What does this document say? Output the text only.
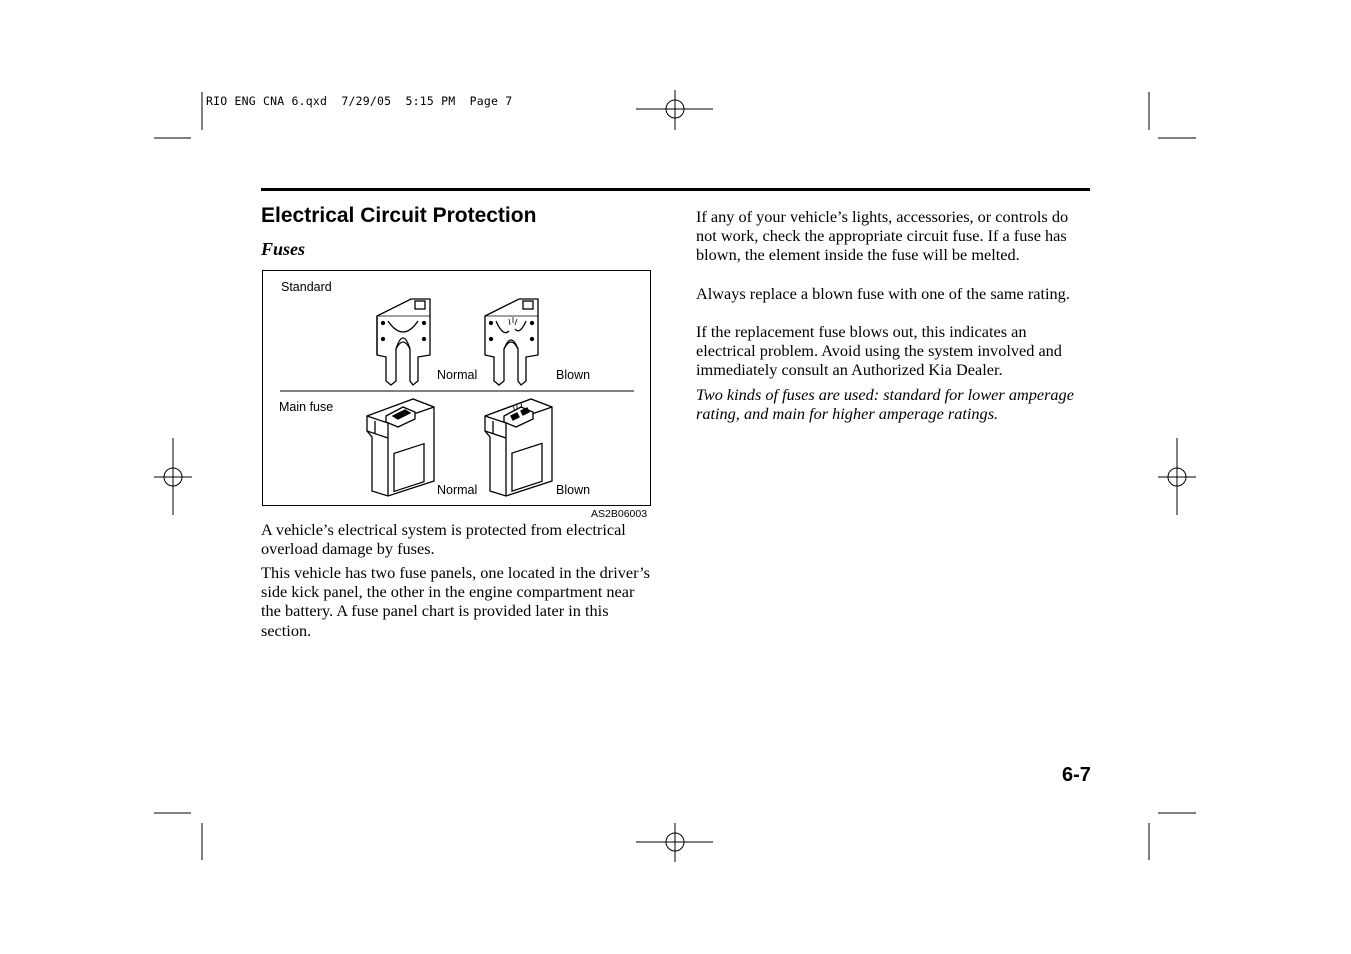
RIO ENG CNA 6.qxd  7/29/05  5:15 PM  Page 7
Electrical Circuit Protection
Fuses
Standard
Normal	Blown
Main fuse
Normal	Blown
AS2B06003

A vehicle’s electrical system is protected from electrical overload damage by fuses.

This vehicle has two fuse panels, one located in the driver’s side kick panel, the other in the engine compartment near the battery. A fuse panel chart is provided later in this section.

If any of your vehicle’s lights, accessories, or controls do not work, check the appropriate circuit fuse. If a fuse has blown, the element inside the fuse will be melted.

Always replace a blown fuse with one of the same rating.

If the replacement fuse blows out, this indicates an electrical problem. Avoid using the system involved and immediately consult an Authorized Kia Dealer.

Two kinds of fuses are used: standard for lower amperage rating, and main for higher amperage ratings.

6-7
